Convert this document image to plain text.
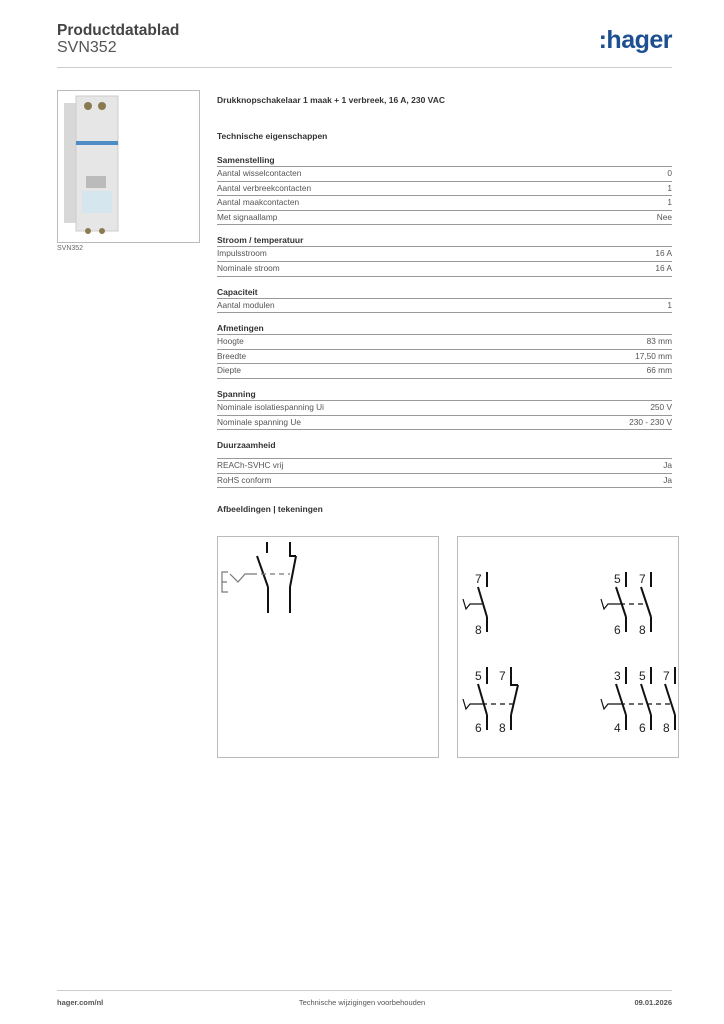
Productdatablad
SVN352	:hager
SVN352
Drukknopschakelaar 1 maak + 1 verbreek, 16 A, 230 VAC
Technische eigenschappen
Samenstelling
Aantal wisselcontacten	0
Aantal verbreekcontacten	1
Aantal maakcontacten	1
Met signaallamp	Nee
Stroom / temperatuur
Impulsstroom	16 A
Nominale stroom	16 A
Capaciteit
Aantal modulen	1
Afmetingen
Hoogte	83 mm
Breedte	17,50 mm
Diepte	66 mm
Spanning
Nominale isolatiespanning Ui	250 V
Nominale spanning Ue	230 - 230 V
Duurzaamheid
REACh-SVHC vrij	Ja
RoHS conform	Ja
Afbeeldingen | tekeningen
7
8
5 7
6 8
5 7
6 8
3 5 7
4 6 8
hager.com/nl	Technische wijzigingen voorbehouden	09.01.2026
